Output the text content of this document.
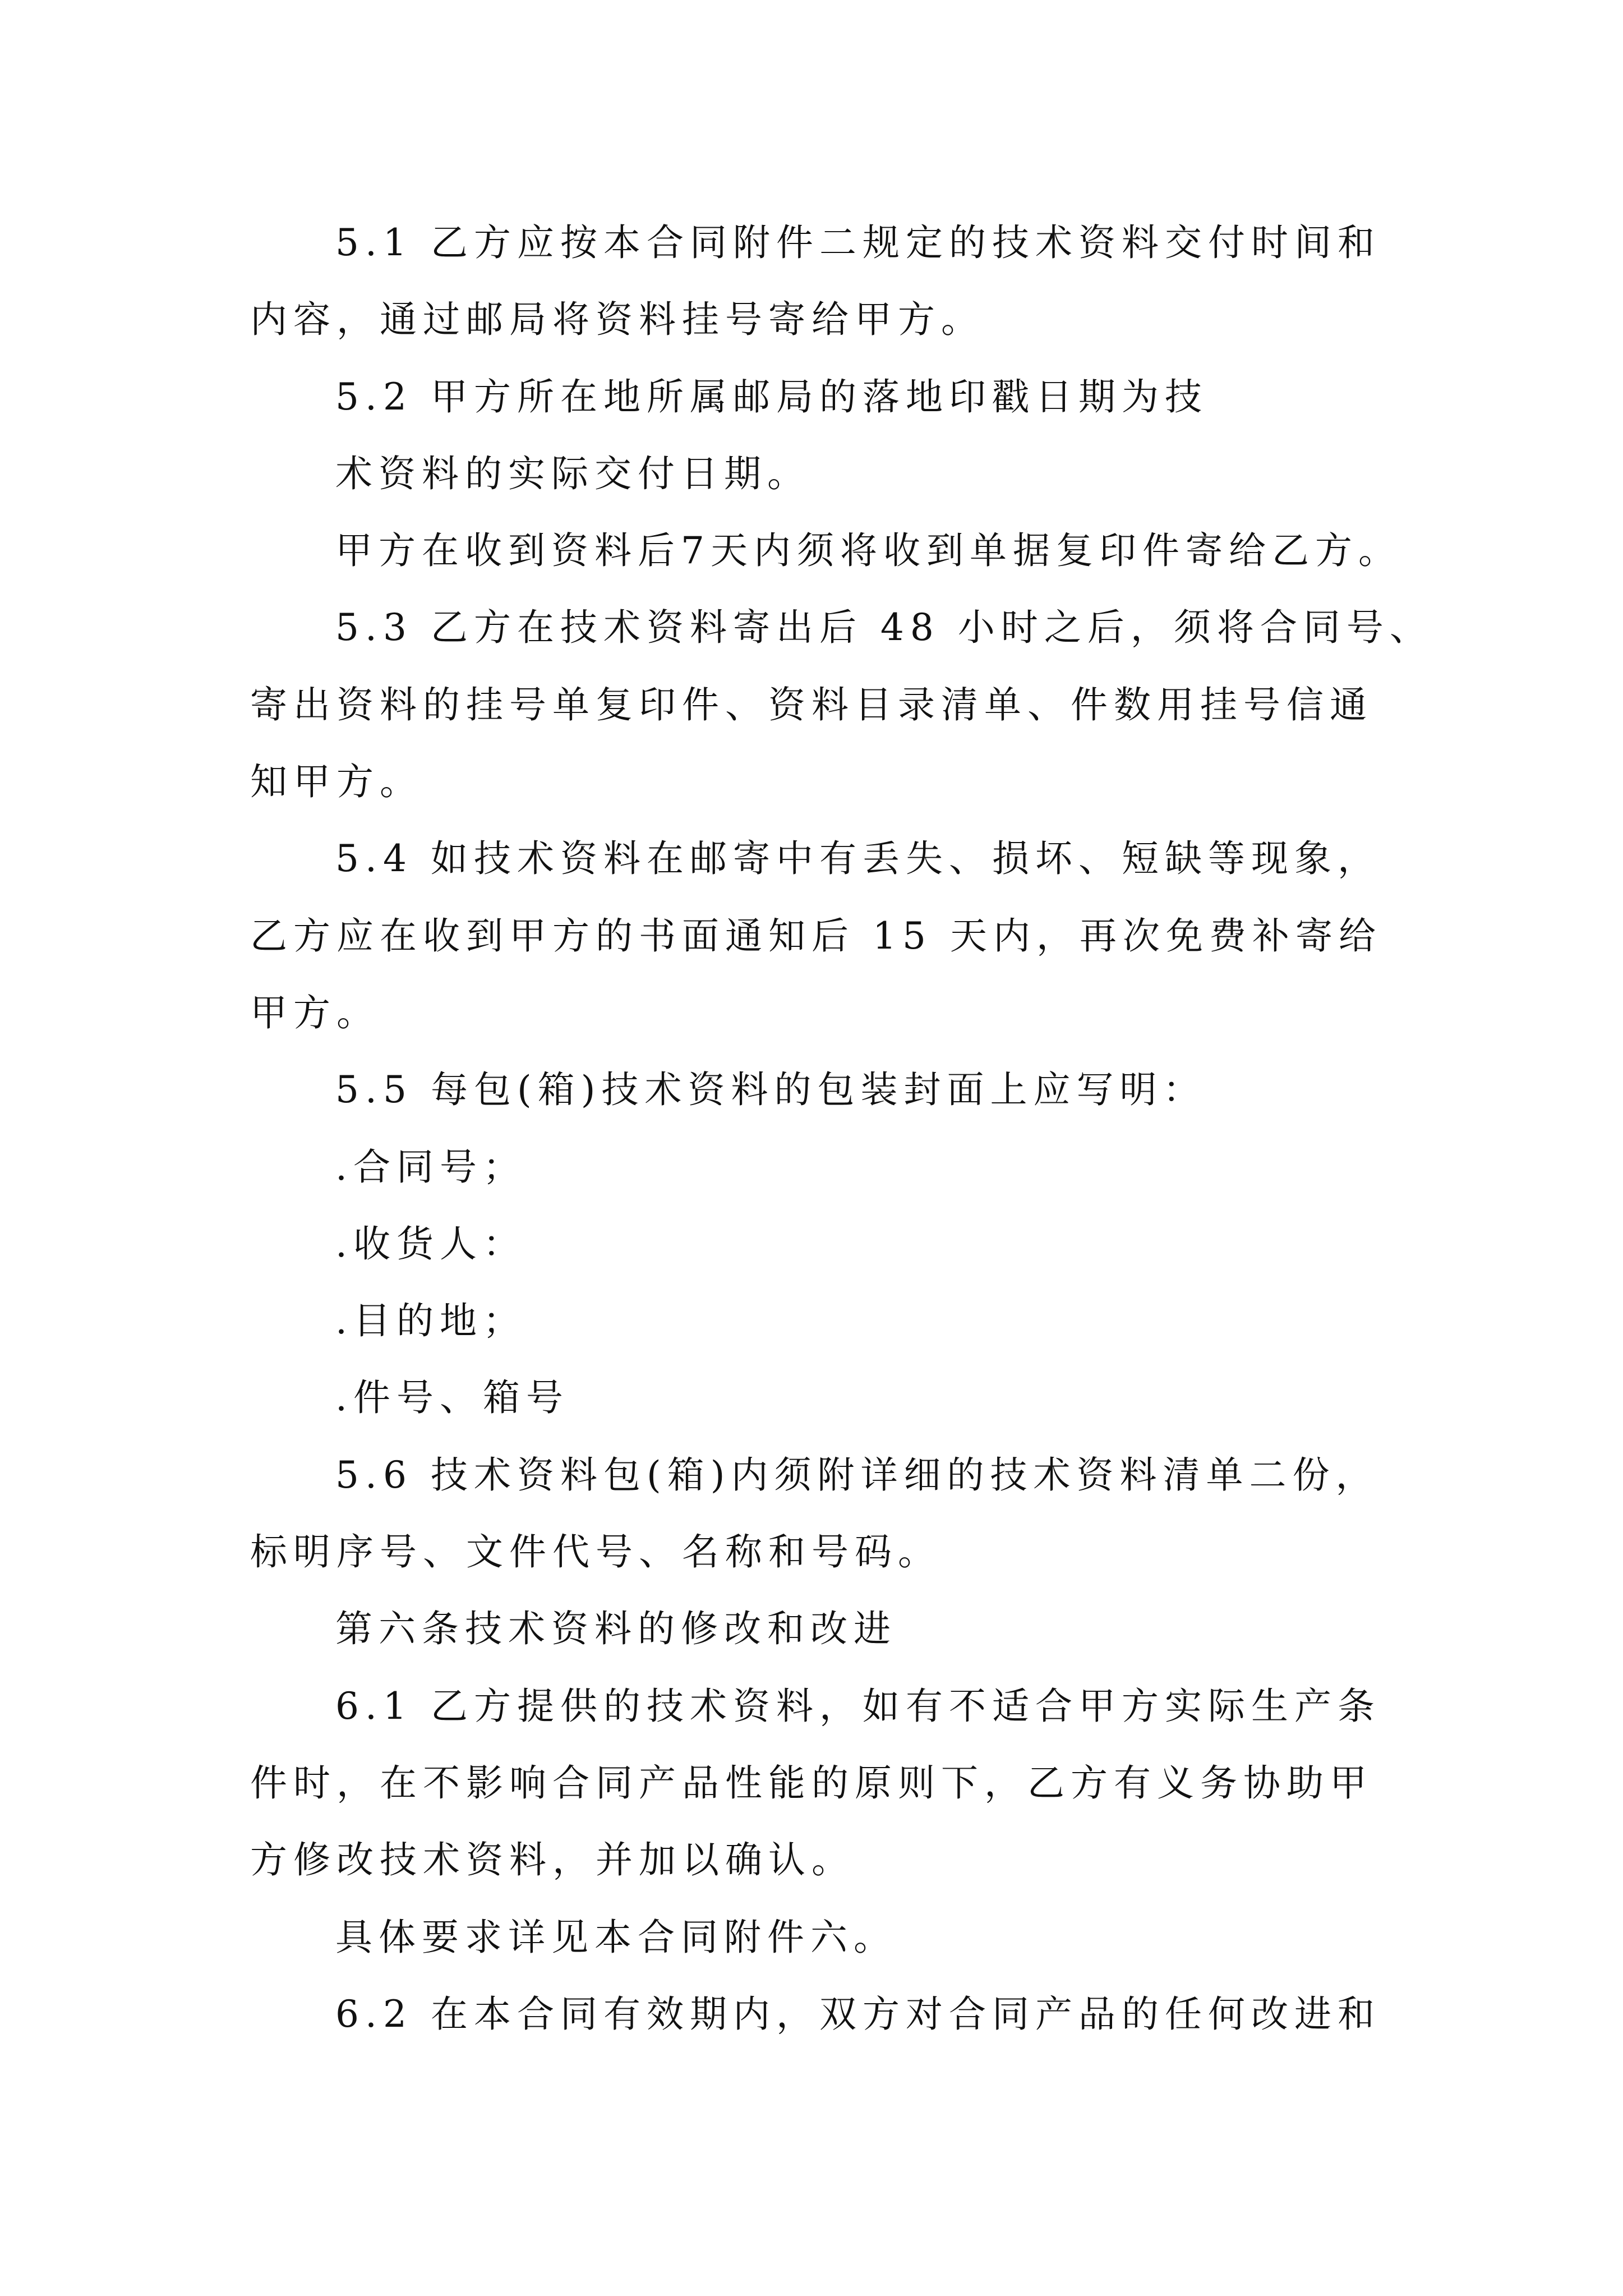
5.1 乙方应按本合同附件二规定的技术资料交付时间和
内容，通过邮局将资料挂号寄给甲方。
5.2 甲方所在地所属邮局的落地印戳日期为技
术资料的实际交付日期。
甲方在收到资料后7天内须将收到单据复印件寄给乙方。
5.3 乙方在技术资料寄出后 48 小时之后，须将合同号、
寄出资料的挂号单复印件、资料目录清单、件数用挂号信通
知甲方。
5.4 如技术资料在邮寄中有丢失、损坏、短缺等现象，
乙方应在收到甲方的书面通知后 15 天内，再次免费补寄给
甲方。
5.5 每包(箱)技术资料的包装封面上应写明：
.合同号；
.收货人：
.目的地；
.件号、箱号
5.6 技术资料包(箱)内须附详细的技术资料清单二份，
标明序号、文件代号、名称和号码。
第六条技术资料的修改和改进
6.1 乙方提供的技术资料，如有不适合甲方实际生产条
件时，在不影响合同产品性能的原则下，乙方有义务协助甲
方修改技术资料，并加以确认。
具体要求详见本合同附件六。
6.2 在本合同有效期内，双方对合同产品的任何改进和
